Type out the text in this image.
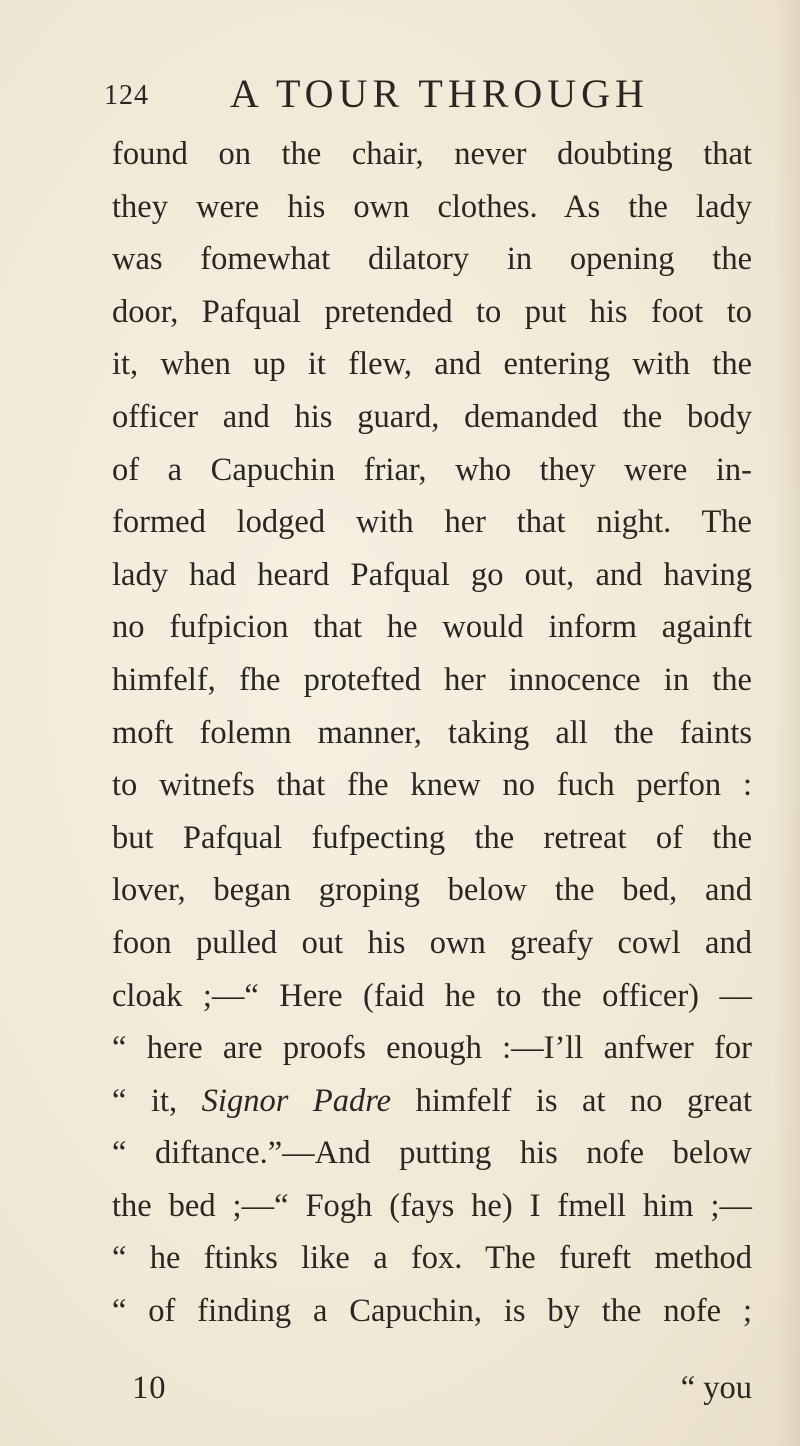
124 A TOUR THROUGH
found on the chair, never doubting that
they were his own clothes. As the lady
was fomewhat dilatory in opening the
door, Pafqual pretended to put his foot to
it, when up it flew, and entering with the
officer and his guard, demanded the body
of a Capuchin friar, who they were in-
formed lodged with her that night. The
lady had heard Pafqual go out, and having
no fufpicion that he would inform againft
himfelf, fhe protefted her innocence in the
moft folemn manner, taking all the faints
to witnefs that fhe knew no fuch perfon :
but Pafqual fufpecting the retreat of the
lover, began groping below the bed, and
foon pulled out his own greafy cowl and
cloak ;—“ Here (faid he to the officer) —
“ here are proofs enough :—I’ll anfwer for
“ it, Signor Padre himfelf is at no great
“ diftance.”—And putting his nofe below
the bed ;—“ Fogh (fays he) I fmell him ;—
“ he ftinks like a fox. The fureft method
“ of finding a Capuchin, is by the nofe ;
10	“ you
